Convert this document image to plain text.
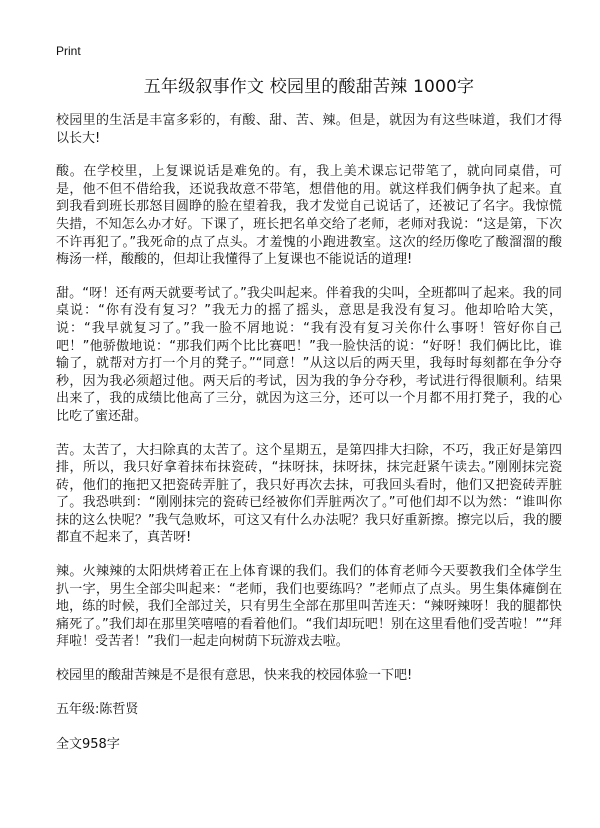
Print
五年级叙事作文 校园里的酸甜苦辣 1000字

校园里的生活是丰富多彩的，有酸、甜、苦、辣。但是，就因为有这些味道，我们才得以长大!

酸。在学校里，上复课说话是难免的。有，我上美术课忘记带笔了，就向同桌借，可是，他不但不借给我，还说我故意不带笔，想借他的用。就这样我们俩争执了起来。直到我看到班长那怒目圆睁的脸在望着我，我才发觉自己说话了，还被记了名字。我惊慌失措，不知怎么办才好。下课了，班长把名单交给了老师，老师对我说：“这是第，下次不许再犯了。”我死命的点了点头。才羞愧的小跑进教室。这次的经历像吃了酸溜溜的酸梅汤一样，酸酸的，但却让我懂得了上复课也不能说话的道理!

甜。“呀！还有两天就要考试了。”我尖叫起来。伴着我的尖叫，全班都叫了起来。我的同桌说：“你有没有复习？”我无力的摇了摇头，意思是我没有复习。他却哈哈大笑，说：“我早就复习了。”我一脸不屑地说：“我有没有复习关你什么事呀！管好你自己吧！”他骄傲地说：“那我们两个比比赛吧！”我一脸快活的说：“好呀！我们俩比比，谁输了，就帮对方打一个月的凳子。”“同意！”从这以后的两天里，我每时每刻都在争分夺秒，因为我必须超过他。两天后的考试，因为我的争分夺秒，考试进行得很顺利。结果出来了，我的成绩比他高了三分，就因为这三分，还可以一个月都不用打凳子，我的心比吃了蜜还甜。

苦。太苦了，大扫除真的太苦了。这个星期五，是第四排大扫除，不巧，我正好是第四排，所以，我只好拿着抹布抹瓷砖，“抹呀抹，抹呀抹，抹完赶紧午读去。”刚刚抹完瓷砖，他们的拖把又把瓷砖弄脏了，我只好再次去抹，可我回头看时，他们又把瓷砖弄脏了。我恐哄到：“刚刚抹完的瓷砖已经被你们弄脏两次了。”可他们却不以为然：“谁叫你抹的这么快呢？”我气急败坏，可这又有什么办法呢？我只好重新擦。擦完以后，我的腰都直不起来了，真苦呀!

辣。火辣辣的太阳烘烤着正在上体育课的我们。我们的体育老师今天要教我们全体学生扒一字，男生全部尖叫起来：“老师，我们也要练吗？”老师点了点头。男生集体瘫倒在地，练的时候，我们全部过关，只有男生全部在那里叫苦连天：“辣呀辣呀！我的腿都快痛死了。”我们却在那里笑嘻嘻的看着他们。“我们却玩吧！别在这里看他们受苦啦！”“拜拜啦！受苦者！”我们一起走向树荫下玩游戏去啦。

校园里的酸甜苦辣是不是很有意思，快来我的校园体验一下吧!

五年级:陈哲贤

全文958字
